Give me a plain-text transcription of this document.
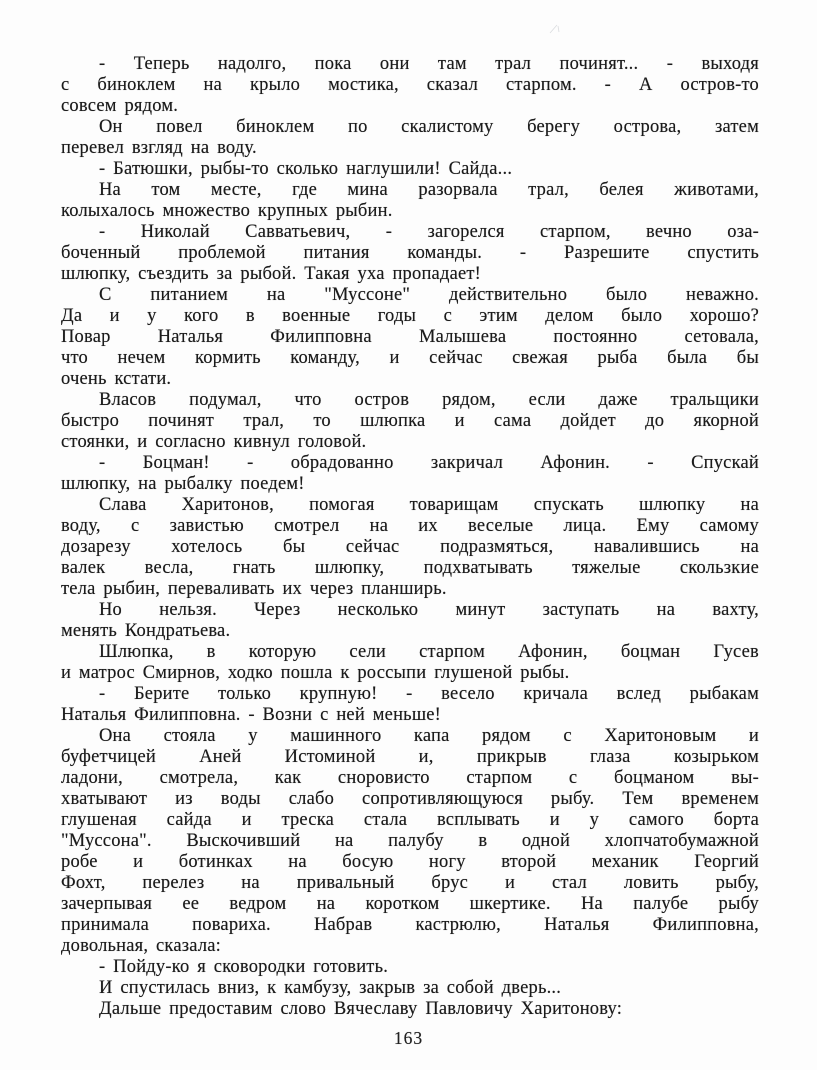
- Теперь надолго, пока они там трал починят... - выходя
с биноклем на крыло мостика, сказал старпом. - А остров-то
совсем рядом.
Он повел биноклем по скалистому берегу острова, затем
перевел взгляд на воду.
- Батюшки, рыбы-то сколько наглушили! Сайда...
На том месте, где мина разорвала трал, белея животами,
колыхалось множество крупных рыбин.
- Николай Савватьевич, - загорелся старпом, вечно оза-
боченный проблемой питания команды. - Разрешите спустить
шлюпку, съездить за рыбой. Такая уха пропадает!
С питанием на "Муссоне" действительно было неважно.
Да и у кого в военные годы с этим делом было хорошо?
Повар Наталья Филипповна Малышева постоянно сетовала,
что нечем кормить команду, и сейчас свежая рыба была бы
очень кстати.
Власов подумал, что остров рядом, если даже тральщики
быстро починят трал, то шлюпка и сама дойдет до якорной
стоянки, и согласно кивнул головой.
- Боцман! - обрадованно закричал Афонин. - Спускай
шлюпку, на рыбалку поедем!
Слава Харитонов, помогая товарищам спускать шлюпку на
воду, с завистью смотрел на их веселые лица. Ему самому
дозарезу хотелось бы сейчас подразмяться, навалившись на
валек весла, гнать шлюпку, подхватывать тяжелые скользкие
тела рыбин, переваливать их через планширь.
Но нельзя. Через несколько минут заступать на вахту,
менять Кондратьева.
Шлюпка, в которую сели старпом Афонин, боцман Гусев
и матрос Смирнов, ходко пошла к россыпи глушеной рыбы.
- Берите только крупную! - весело кричала вслед рыбакам
Наталья Филипповна. - Возни с ней меньше!
Она стояла у машинного капа рядом с Харитоновым и
буфетчицей Аней Истоминой и, прикрыв глаза козырьком
ладони, смотрела, как сноровисто старпом с боцманом вы-
хватывают из воды слабо сопротивляющуюся рыбу. Тем временем
глушеная сайда и треска стала всплывать и у самого борта
"Муссона". Выскочивший на палубу в одной хлопчатобумажной
робе и ботинках на босую ногу второй механик Георгий
Фохт, перелез на привальный брус и стал ловить рыбу,
зачерпывая ее ведром на коротком шкертике. На палубе рыбу
принимала повариха. Набрав кастрюлю, Наталья Филипповна,
довольная, сказала:
- Пойду-ко я сковородки готовить.
И спустилась вниз, к камбузу, закрыв за собой дверь...
Дальше предоставим слово Вячеславу Павловичу Харитонову:
163
